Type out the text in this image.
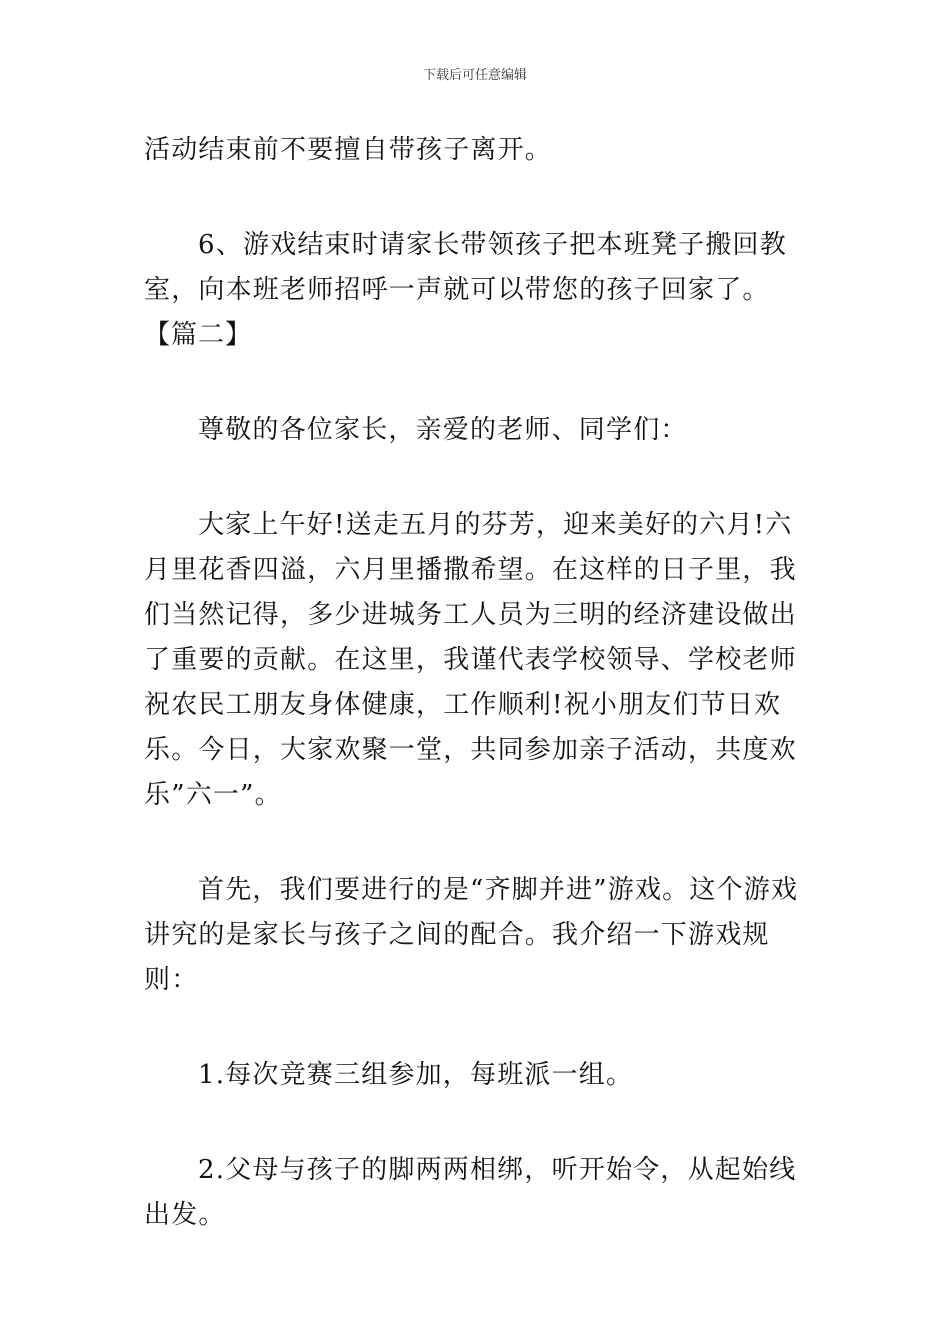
下载后可任意编辑

活动结束前不要擅自带孩子离开。

6、游戏结束时请家长带领孩子把本班凳子搬回教室，向本班老师招呼一声就可以带您的孩子回家了。

【篇二】

尊敬的各位家长，亲爱的老师、同学们：

大家上午好!送走五月的芬芳，迎来美好的六月!六月里花香四溢，六月里播撒希望。在这样的日子里，我们当然记得，多少进城务工人员为三明的经济建设做出了重要的贡献。在这里，我谨代表学校领导、学校老师祝农民工朋友身体健康，工作顺利!祝小朋友们节日欢乐。今日，大家欢聚一堂，共同参加亲子活动，共度欢乐”六一”。

首先，我们要进行的是“齐脚并进”游戏。这个游戏讲究的是家长与孩子之间的配合。我介绍一下游戏规则：

1.每次竞赛三组参加，每班派一组。

2.父母与孩子的脚两两相绑，听开始令，从起始线出发。
